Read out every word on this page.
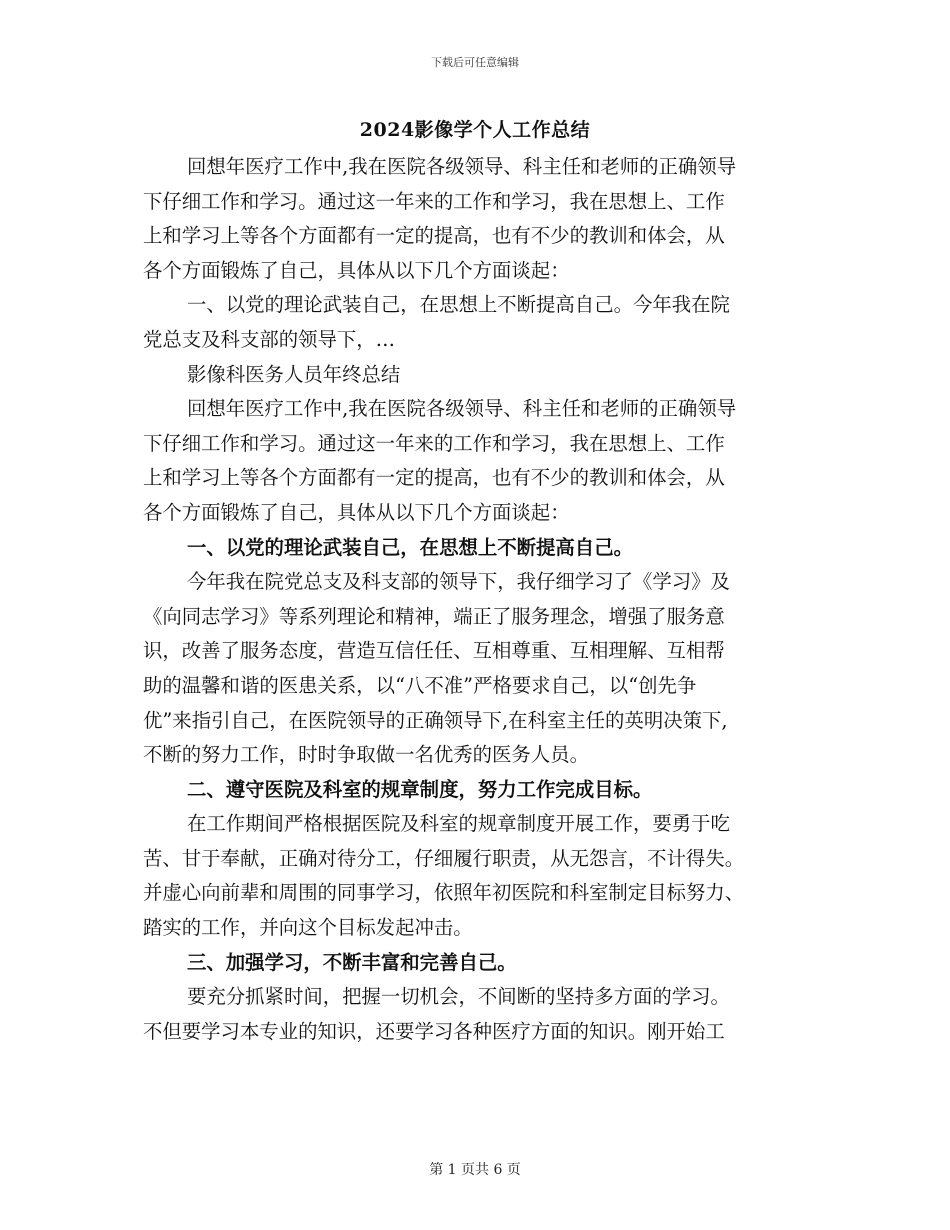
下载后可任意编辑
2024影像学个人工作总结
回想年医疗工作中,我在医院各级领导、科主任和老师的正确领导
下仔细工作和学习。通过这一年来的工作和学习，我在思想上、工作
上和学习上等各个方面都有一定的提高，也有不少的教训和体会，从
各个方面锻炼了自己，具体从以下几个方面谈起：
一、以党的理论武装自己，在思想上不断提高自己。今年我在院
党总支及科支部的领导下，…
影像科医务人员年终总结
回想年医疗工作中,我在医院各级领导、科主任和老师的正确领导
下仔细工作和学习。通过这一年来的工作和学习，我在思想上、工作
上和学习上等各个方面都有一定的提高，也有不少的教训和体会，从
各个方面锻炼了自己，具体从以下几个方面谈起：
一、以党的理论武装自己，在思想上不断提高自己。
今年我在院党总支及科支部的领导下，我仔细学习了《学习》及
《向同志学习》等系列理论和精神，端正了服务理念，增强了服务意
识，改善了服务态度，营造互信任任、互相尊重、互相理解、互相帮
助的温馨和谐的医患关系，以“八不准”严格要求自己，以“创先争
优”来指引自己，在医院领导的正确领导下,在科室主任的英明决策下,
不断的努力工作，时时争取做一名优秀的医务人员。
二、遵守医院及科室的规章制度，努力工作完成目标。
在工作期间严格根据医院及科室的规章制度开展工作，要勇于吃
苦、甘于奉献，正确对待分工，仔细履行职责，从无怨言，不计得失。
并虚心向前辈和周围的同事学习，依照年初医院和科室制定目标努力、
踏实的工作，并向这个目标发起冲击。
三、加强学习，不断丰富和完善自己。
要充分抓紧时间，把握一切机会，不间断的坚持多方面的学习。
不但要学习本专业的知识，还要学习各种医疗方面的知识。刚开始工
第 1 页共 6 页
